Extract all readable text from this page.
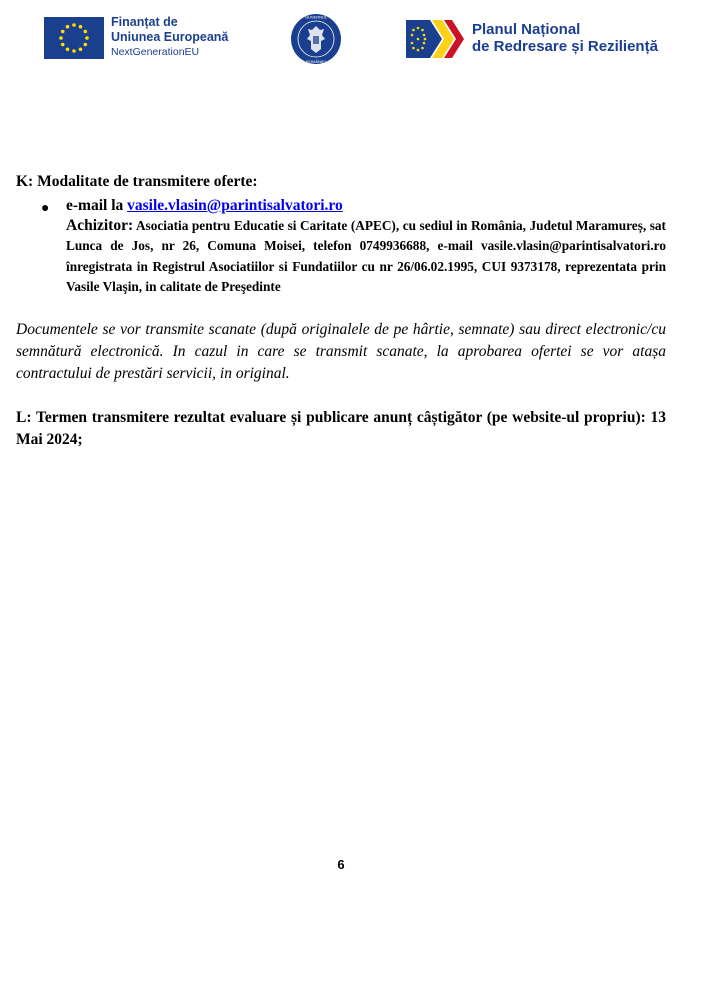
Finanțat de
Uniunea Europeană
NextGenerationEU
GUVERNUL
ROMÂNIEI
Planul Național
de Redresare și Reziliență

K: Modalitate de transmitere oferte:

● e-mail la vasile.vlasin@parintisalvatori.ro

Achizitor: Asociatia pentru Educatie si Caritate (APEC), cu sediul in România, Judetul Maramureș, sat Lunca de Jos, nr 26, Comuna Moisei, telefon 0749936688, e-mail vasile.vlasin@parintisalvatori.ro înregistrata in Registrul Asociatiilor si Fundatiilor cu nr 26/06.02.1995, CUI 9373178, reprezentata prin Vasile Vlaşin, in calitate de Preşedinte

Documentele se vor transmite scanate (după originalele de pe hârtie, semnate) sau direct electronic/cu semnătură electronică. In cazul in care se transmit scanate, la aprobarea ofertei se vor atașa contractului de prestări servicii, in original.

L: Termen transmitere rezultat evaluare și publicare anunț câștigător (pe website-ul propriu): 13 Mai 2024;

6
